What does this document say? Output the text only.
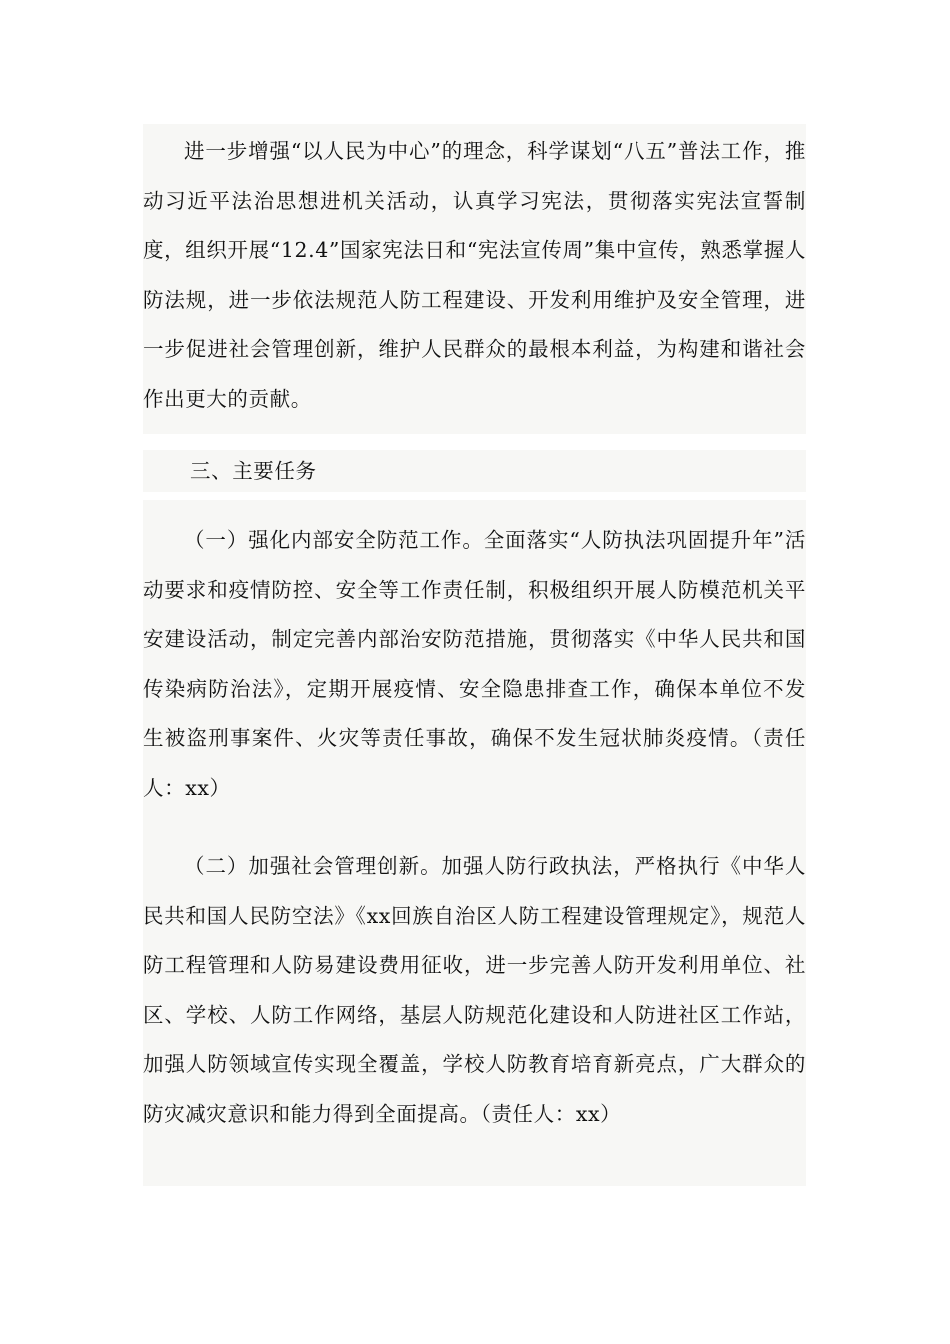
进一步增强“以人民为中心”的理念，科学谋划“八五”普法工作，推动习近平法治思想进机关活动，认真学习宪法，贯彻落实宪法宣誓制度，组织开展“12.4”国家宪法日和“宪法宣传周”集中宣传，熟悉掌握人防法规，进一步依法规范人防工程建设、开发利用维护及安全管理，进一步促进社会管理创新，维护人民群众的最根本利益，为构建和谐社会作出更大的贡献。

三、主要任务

（一）强化内部安全防范工作。全面落实“人防执法巩固提升年”活动要求和疫情防控、安全等工作责任制，积极组织开展人防模范机关平安建设活动，制定完善内部治安防范措施，贯彻落实《中华人民共和国传染病防治法》，定期开展疫情、安全隐患排查工作，确保本单位不发生被盗刑事案件、火灾等责任事故，确保不发生冠状肺炎疫情。（责任人：xx）

（二）加强社会管理创新。加强人防行政执法，严格执行《中华人民共和国人民防空法》《xx回族自治区人防工程建设管理规定》，规范人防工程管理和人防易建设费用征收，进一步完善人防开发利用单位、社区、学校、人防工作网络，基层人防规范化建设和人防进社区工作站，加强人防领域宣传实现全覆盖，学校人防教育培育新亮点，广大群众的防灾减灾意识和能力得到全面提高。（责任人：xx）
